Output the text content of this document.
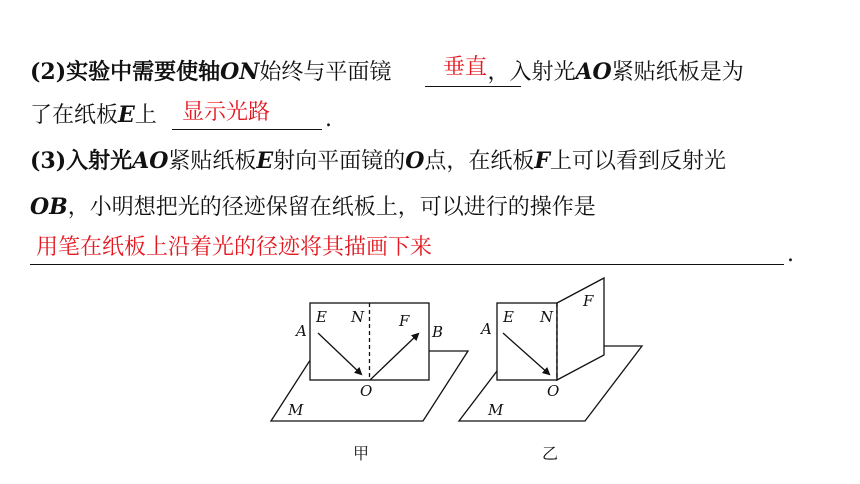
(2)实验中需要使轴ON始终与平面镜	，入射光AO紧贴纸板是为
垂直
了在纸板E上 显示光路 .
(3)入射光AO紧贴纸板E射向平面镜的O点，在纸板F上可以看到反射光
OB，小明想把光的径迹保留在纸板上，可以进行的操作是
用笔在纸板上沿着光的径迹将其描画下来	.
A
E N F
B
O
M
甲
A
E N
F
O
M
乙
